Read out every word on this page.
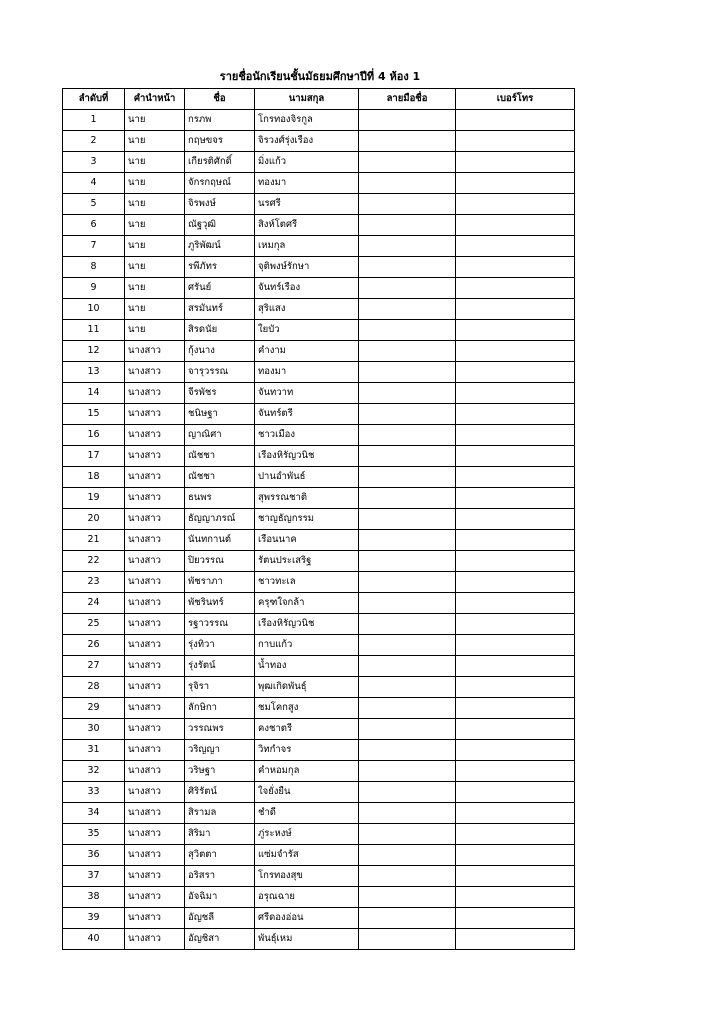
รายชื่อนักเรียนชั้นมัธยมศึกษาปีที่ 4 ห้อง 1
ลำดับที่	คำนำหน้า	ชื่อ	นามสกุล	ลายมือชื่อ	เบอร์โทร
1	นาย	กรภพ	โกรทองจิรกูล		
2	นาย	กฤษขจร	จิรวงศ์รุ่งเรือง		
3	นาย	เกียรติศักดิ์	มิ่งแก้ว		
4	นาย	จักรกฤษณ์	ทองมา		
5	นาย	จิรพงษ์	นรศรี		
6	นาย	ณัฐวุฒิ	สิงห์โตศรี		
7	นาย	ภูริพัฒน์	เหมกุล		
8	นาย	รพีภัทร	จุติพงษ์รักษา		
9	นาย	ศรันย์	จันทร์เรือง		
10	นาย	สรมันทร์	สุริแสง		
11	นาย	สิรดนัย	ใยบัว		
12	นางสาว	กุ้งนาง	คำงาม		
13	นางสาว	จารุวรรณ	ทองมา		
14	นางสาว	จีรพัชร	จันทวาท		
15	นางสาว	ชนิษฐา	จันทร์ตรี		
16	นางสาว	ญาณิศา	ชาวเมือง		
17	นางสาว	ณัชชา	เรืองหิรัญวนิช		
18	นางสาว	ณัชชา	ปานอำพันธ์		
19	นางสาว	ธนพร	สุพรรณชาติ		
20	นางสาว	ธัญญาภรณ์	ชาญธัญกรรม		
21	นางสาว	นันทกานต์	เรือนนาค		
22	นางสาว	ปิยวรรณ	รัตนประเสริฐ		
23	นางสาว	พัชราภา	ชาวทะเล		
24	นางสาว	พัชรินทร์	ครุฑใจกล้า		
25	นางสาว	รฐาวรรณ	เรืองหิรัญวนิช		
26	นางสาว	รุ่งทิวา	กาบแก้ว		
27	นางสาว	รุ่งรัตน์	น้ำทอง		
28	นางสาว	รุจิรา	พุฒเกิดพันธุ์		
29	นางสาว	ลักษิกา	ชมโคกสูง		
30	นางสาว	วรรณพร	คงชาตรี		
31	นางสาว	วริญญา	วิทกำจร		
32	นางสาว	วริษฐา	คำหอมกุล		
33	นางสาว	ศิริรัตน์	ใจยั่งยืน		
34	นางสาว	สิรามล	ชำดี		
35	นางสาว	สิริมา	ภู่ระหงษ์		
36	นางสาว	สุวิตตา	แซ่มจำรัส		
37	นางสาว	อริสรา	โกรทองสุข		
38	นางสาว	อัจฉิมา	อรุณฉาย		
39	นางสาว	อัญชลี	ศรีดองอ่อน		
40	นางสาว	อัญชิสา	พันธุ์เหม		
